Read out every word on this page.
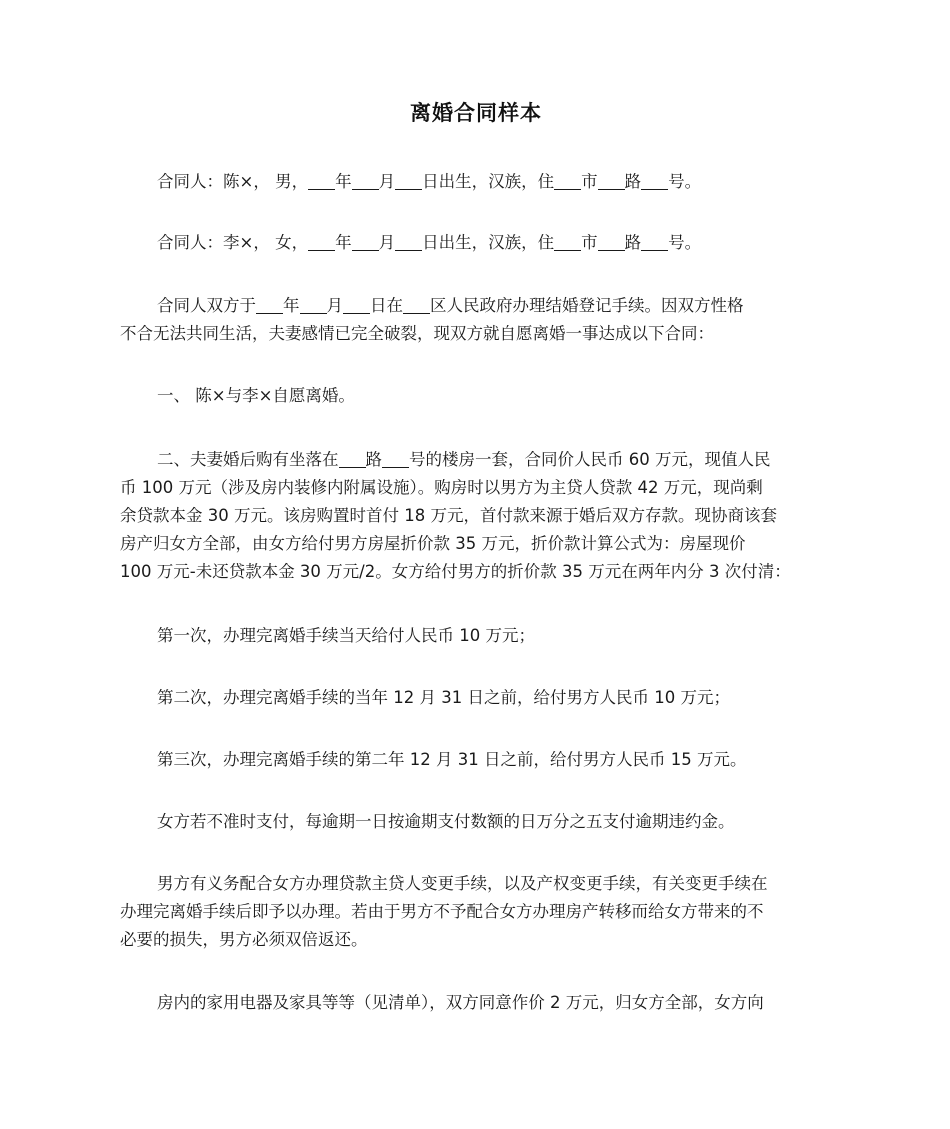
离婚合同样本
合同人：陈×， 男， 年 月 日出生，汉族，住 市 路 号。
合同人：李×， 女， 年 月 日出生，汉族，住 市 路 号。
合同人双方于 年 月 日在 区人民政府办理结婚登记手续。因双方性格
不合无法共同生活，夫妻感情已完全破裂，现双方就自愿离婚一事达成以下合同：
一、 陈×与李×自愿离婚。
二、夫妻婚后购有坐落在 路 号的楼房一套，合同价人民币 60 万元，现值人民
币 100 万元（涉及房内装修内附属设施）。购房时以男方为主贷人贷款 42 万元，现尚剩
余贷款本金 30 万元。该房购置时首付 18 万元，首付款来源于婚后双方存款。现协商该套
房产归女方全部，由女方给付男方房屋折价款 35 万元，折价款计算公式为：房屋现价
100 万元-未还贷款本金 30 万元/2。女方给付男方的折价款 35 万元在两年内分 3 次付清：
第一次，办理完离婚手续当天给付人民币 10 万元；
第二次，办理完离婚手续的当年 12 月 31 日之前，给付男方人民币 10 万元；
第三次，办理完离婚手续的第二年 12 月 31 日之前，给付男方人民币 15 万元。
女方若不准时支付，每逾期一日按逾期支付数额的日万分之五支付逾期违约金。
男方有义务配合女方办理贷款主贷人变更手续，以及产权变更手续，有关变更手续在
办理完离婚手续后即予以办理。若由于男方不予配合女方办理房产转移而给女方带来的不
必要的损失，男方必须双倍返还。
房内的家用电器及家具等等（见清单），双方同意作价 2 万元，归女方全部，女方向
